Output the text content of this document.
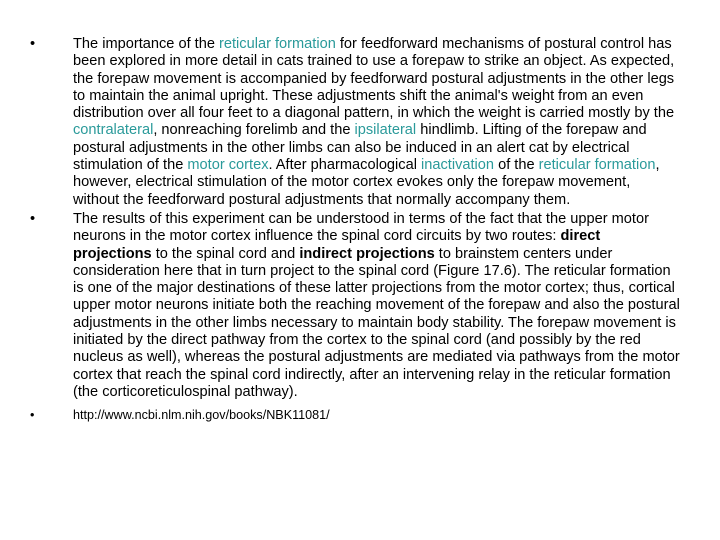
•	The importance of the reticular formation for feedforward mechanisms of postural control has been explored in more detail in cats trained to use a forepaw to strike an object. As expected, the forepaw movement is accompanied by feedforward postural adjustments in the other legs to maintain the animal upright. These adjustments shift the animal's weight from an even distribution over all four feet to a diagonal pattern, in which the weight is carried mostly by the contralateral, nonreaching forelimb and the ipsilateral hindlimb. Lifting of the forepaw and postural adjustments in the other limbs can also be induced in an alert cat by electrical stimulation of the motor cortex. After pharmacological inactivation of the reticular formation, however, electrical stimulation of the motor cortex evokes only the forepaw movement, without the feedforward postural adjustments that normally accompany them.
•	The results of this experiment can be understood in terms of the fact that the upper motor neurons in the motor cortex influence the spinal cord circuits by two routes: direct projections to the spinal cord and indirect projections to brainstem centers under consideration here that in turn project to the spinal cord (Figure 17.6). The reticular formation is one of the major destinations of these latter projections from the motor cortex; thus, cortical upper motor neurons initiate both the reaching movement of the forepaw and also the postural adjustments in the other limbs necessary to maintain body stability. The forepaw movement is initiated by the direct pathway from the cortex to the spinal cord (and possibly by the red nucleus as well), whereas the postural adjustments are mediated via pathways from the motor cortex that reach the spinal cord indirectly, after an intervening relay in the reticular formation (the corticoreticulospinal pathway).
•	http://www.ncbi.nlm.nih.gov/books/NBK11081/
